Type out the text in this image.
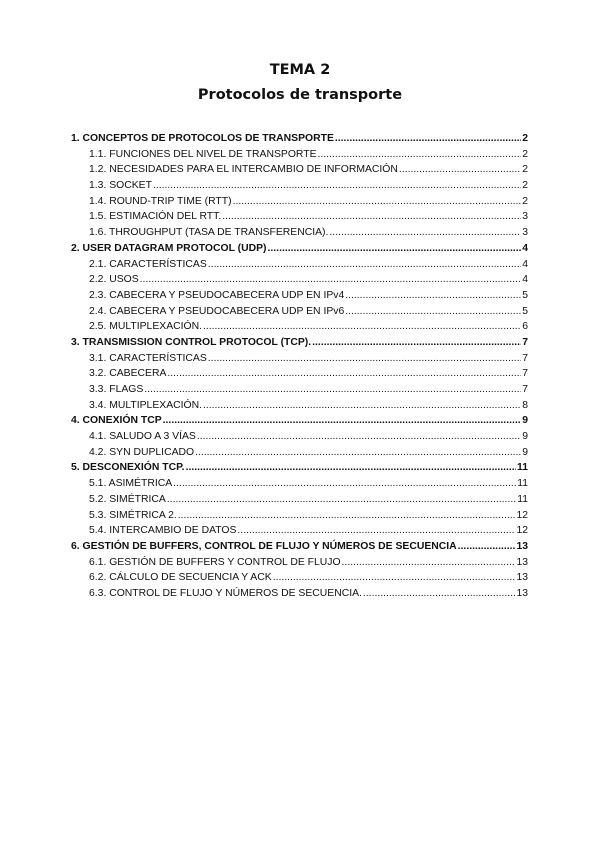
TEMA 2
Protocolos de transporte
1. CONCEPTOS DE PROTOCOLOS DE TRANSPORTE .....	2
1.1. FUNCIONES DEL NIVEL DE TRANSPORTE .....	2
1.2. NECESIDADES PARA EL INTERCAMBIO DE INFORMACIÓN .....	2
1.3. SOCKET .....	2
1.4. ROUND-TRIP TIME (RTT) .....	2
1.5. ESTIMACIÓN DEL RTT. .....	3
1.6. THROUGHPUT (TASA DE TRANSFERENCIA). .....	3
2. USER DATAGRAM PROTOCOL (UDP) .....	4
2.1. CARACTERÍSTICAS .....	4
2.2. USOS .....	4
2.3. CABECERA Y PSEUDOCABECERA UDP EN IPv4 .....	5
2.4. CABECERA Y PSEUDOCABECERA UDP EN IPv6 .....	5
2.5. MULTIPLEXACIÓN. .....	6
3. TRANSMISSION CONTROL PROTOCOL (TCP). .....	7
3.1. CARACTERÍSTICAS .....	7
3.2. CABECERA .....	7
3.3. FLAGS .....	7
3.4. MULTIPLEXACIÓN. .....	8
4. CONEXIÓN TCP .....	9
4.1. SALUDO A 3 VÍAS .....	9
4.2. SYN DUPLICADO .....	9
5. DESCONEXIÓN TCP. .....	11
5.1. ASIMÉTRICA .....	11
5.2. SIMÉTRICA .....	11
5.3. SIMÉTRICA 2. .....	12
5.4. INTERCAMBIO DE DATOS .....	12
6. GESTIÓN DE BUFFERS, CONTROL DE FLUJO Y NÚMEROS DE SECUENCIA .....	13
6.1. GESTIÓN DE BUFFERS Y CONTROL DE FLUJO .....	13
6.2. CÁLCULO DE SECUENCIA Y ACK .....	13
6.3. CONTROL DE FLUJO Y NÚMEROS DE SECUENCIA. .....	13
